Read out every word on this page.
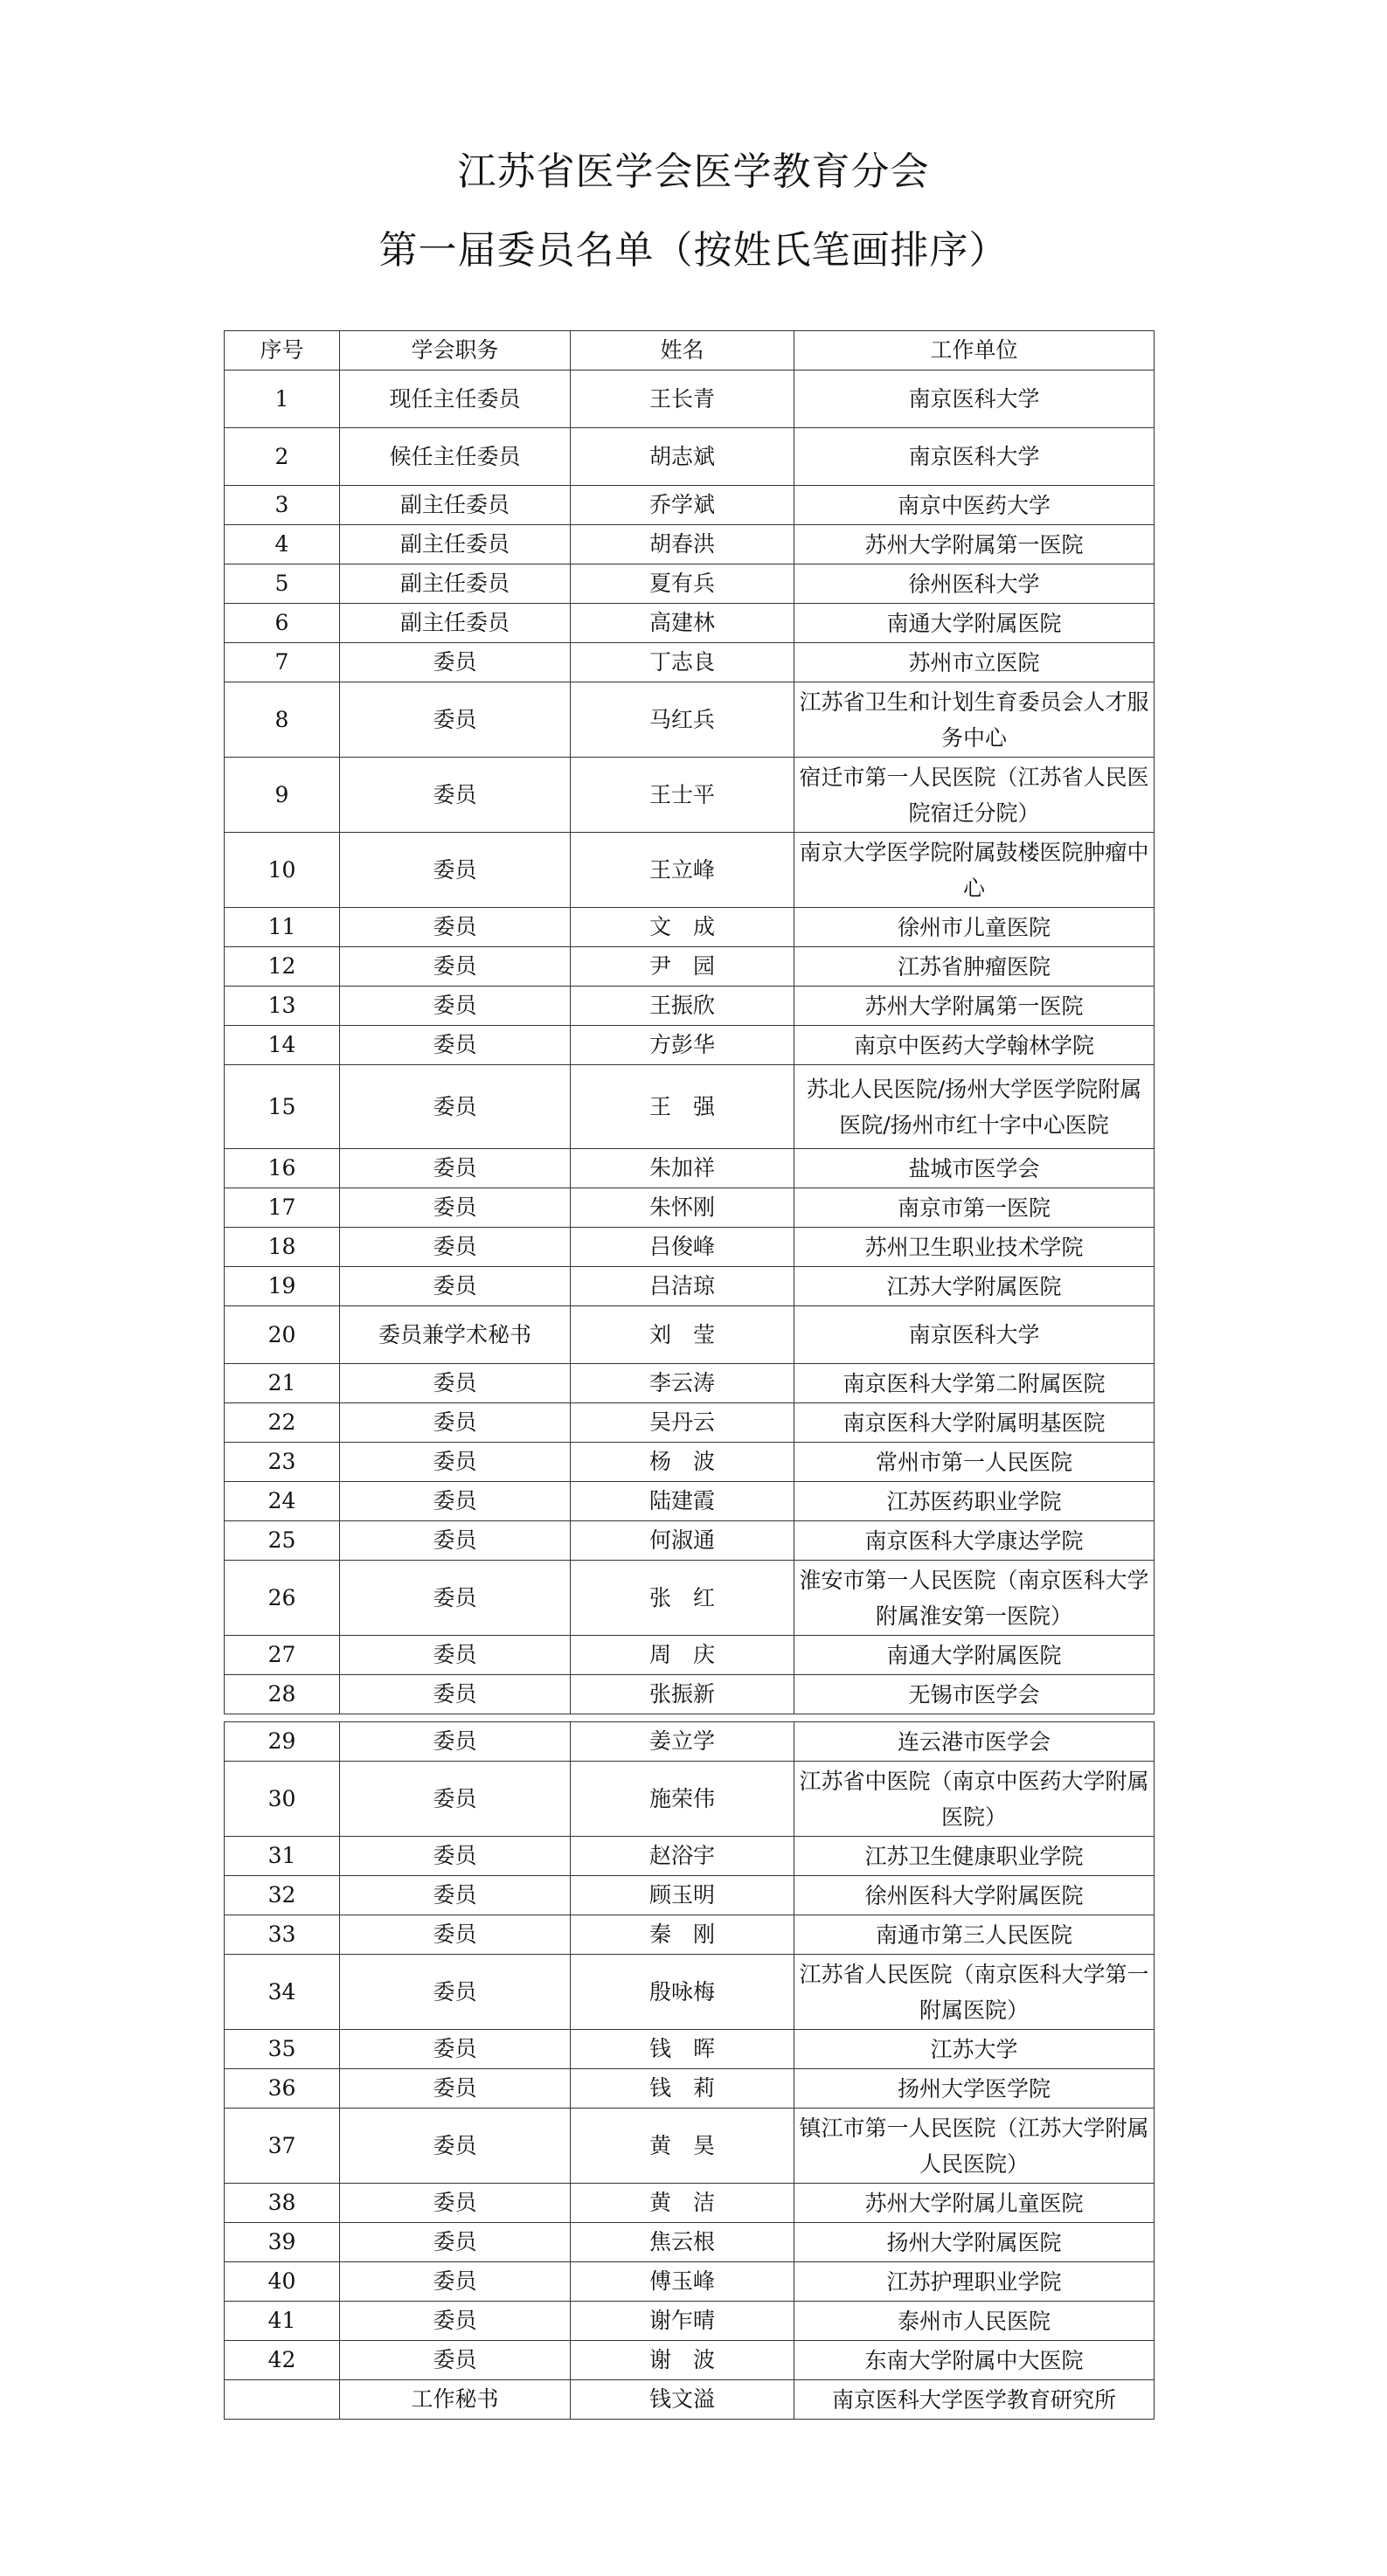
江苏省医学会医学教育分会
第一届委员名单（按姓氏笔画排序）
序号	学会职务	姓名	工作单位
1	现任主任委员	王长青	南京医科大学
2	候任主任委员	胡志斌	南京医科大学
3	副主任委员	乔学斌	南京中医药大学
4	副主任委员	胡春洪	苏州大学附属第一医院
5	副主任委员	夏有兵	徐州医科大学
6	副主任委员	高建林	南通大学附属医院
7	委员	丁志良	苏州市立医院
8	委员	马红兵	江苏省卫生和计划生育委员会人才服务中心
9	委员	王士平	宿迁市第一人民医院（江苏省人民医院宿迁分院）
10	委员	王立峰	南京大学医学院附属鼓楼医院肿瘤中心
11	委员	文　成	徐州市儿童医院
12	委员	尹　园	江苏省肿瘤医院
13	委员	王振欣	苏州大学附属第一医院
14	委员	方彭华	南京中医药大学翰林学院
15	委员	王　强	苏北人民医院/扬州大学医学院附属医院/扬州市红十字中心医院
16	委员	朱加祥	盐城市医学会
17	委员	朱怀刚	南京市第一医院
18	委员	吕俊峰	苏州卫生职业技术学院
19	委员	吕洁琼	江苏大学附属医院
20	委员兼学术秘书	刘　莹	南京医科大学
21	委员	李云涛	南京医科大学第二附属医院
22	委员	吴丹云	南京医科大学附属明基医院
23	委员	杨　波	常州市第一人民医院
24	委员	陆建霞	江苏医药职业学院
25	委员	何淑通	南京医科大学康达学院
26	委员	张　红	淮安市第一人民医院（南京医科大学附属淮安第一医院）
27	委员	周　庆	南通大学附属医院
28	委员	张振新	无锡市医学会
29	委员	姜立学	连云港市医学会
30	委员	施荣伟	江苏省中医院（南京中医药大学附属医院）
31	委员	赵浴宇	江苏卫生健康职业学院
32	委员	顾玉明	徐州医科大学附属医院
33	委员	秦　刚	南通市第三人民医院
34	委员	殷咏梅	江苏省人民医院（南京医科大学第一附属医院）
35	委员	钱　晖	江苏大学
36	委员	钱　莉	扬州大学医学院
37	委员	黄　昊	镇江市第一人民医院（江苏大学附属人民医院）
38	委员	黄　洁	苏州大学附属儿童医院
39	委员	焦云根	扬州大学附属医院
40	委员	傅玉峰	江苏护理职业学院
41	委员	谢乍晴	泰州市人民医院
42	委员	谢　波	东南大学附属中大医院
	工作秘书	钱文溢	南京医科大学医学教育研究所
